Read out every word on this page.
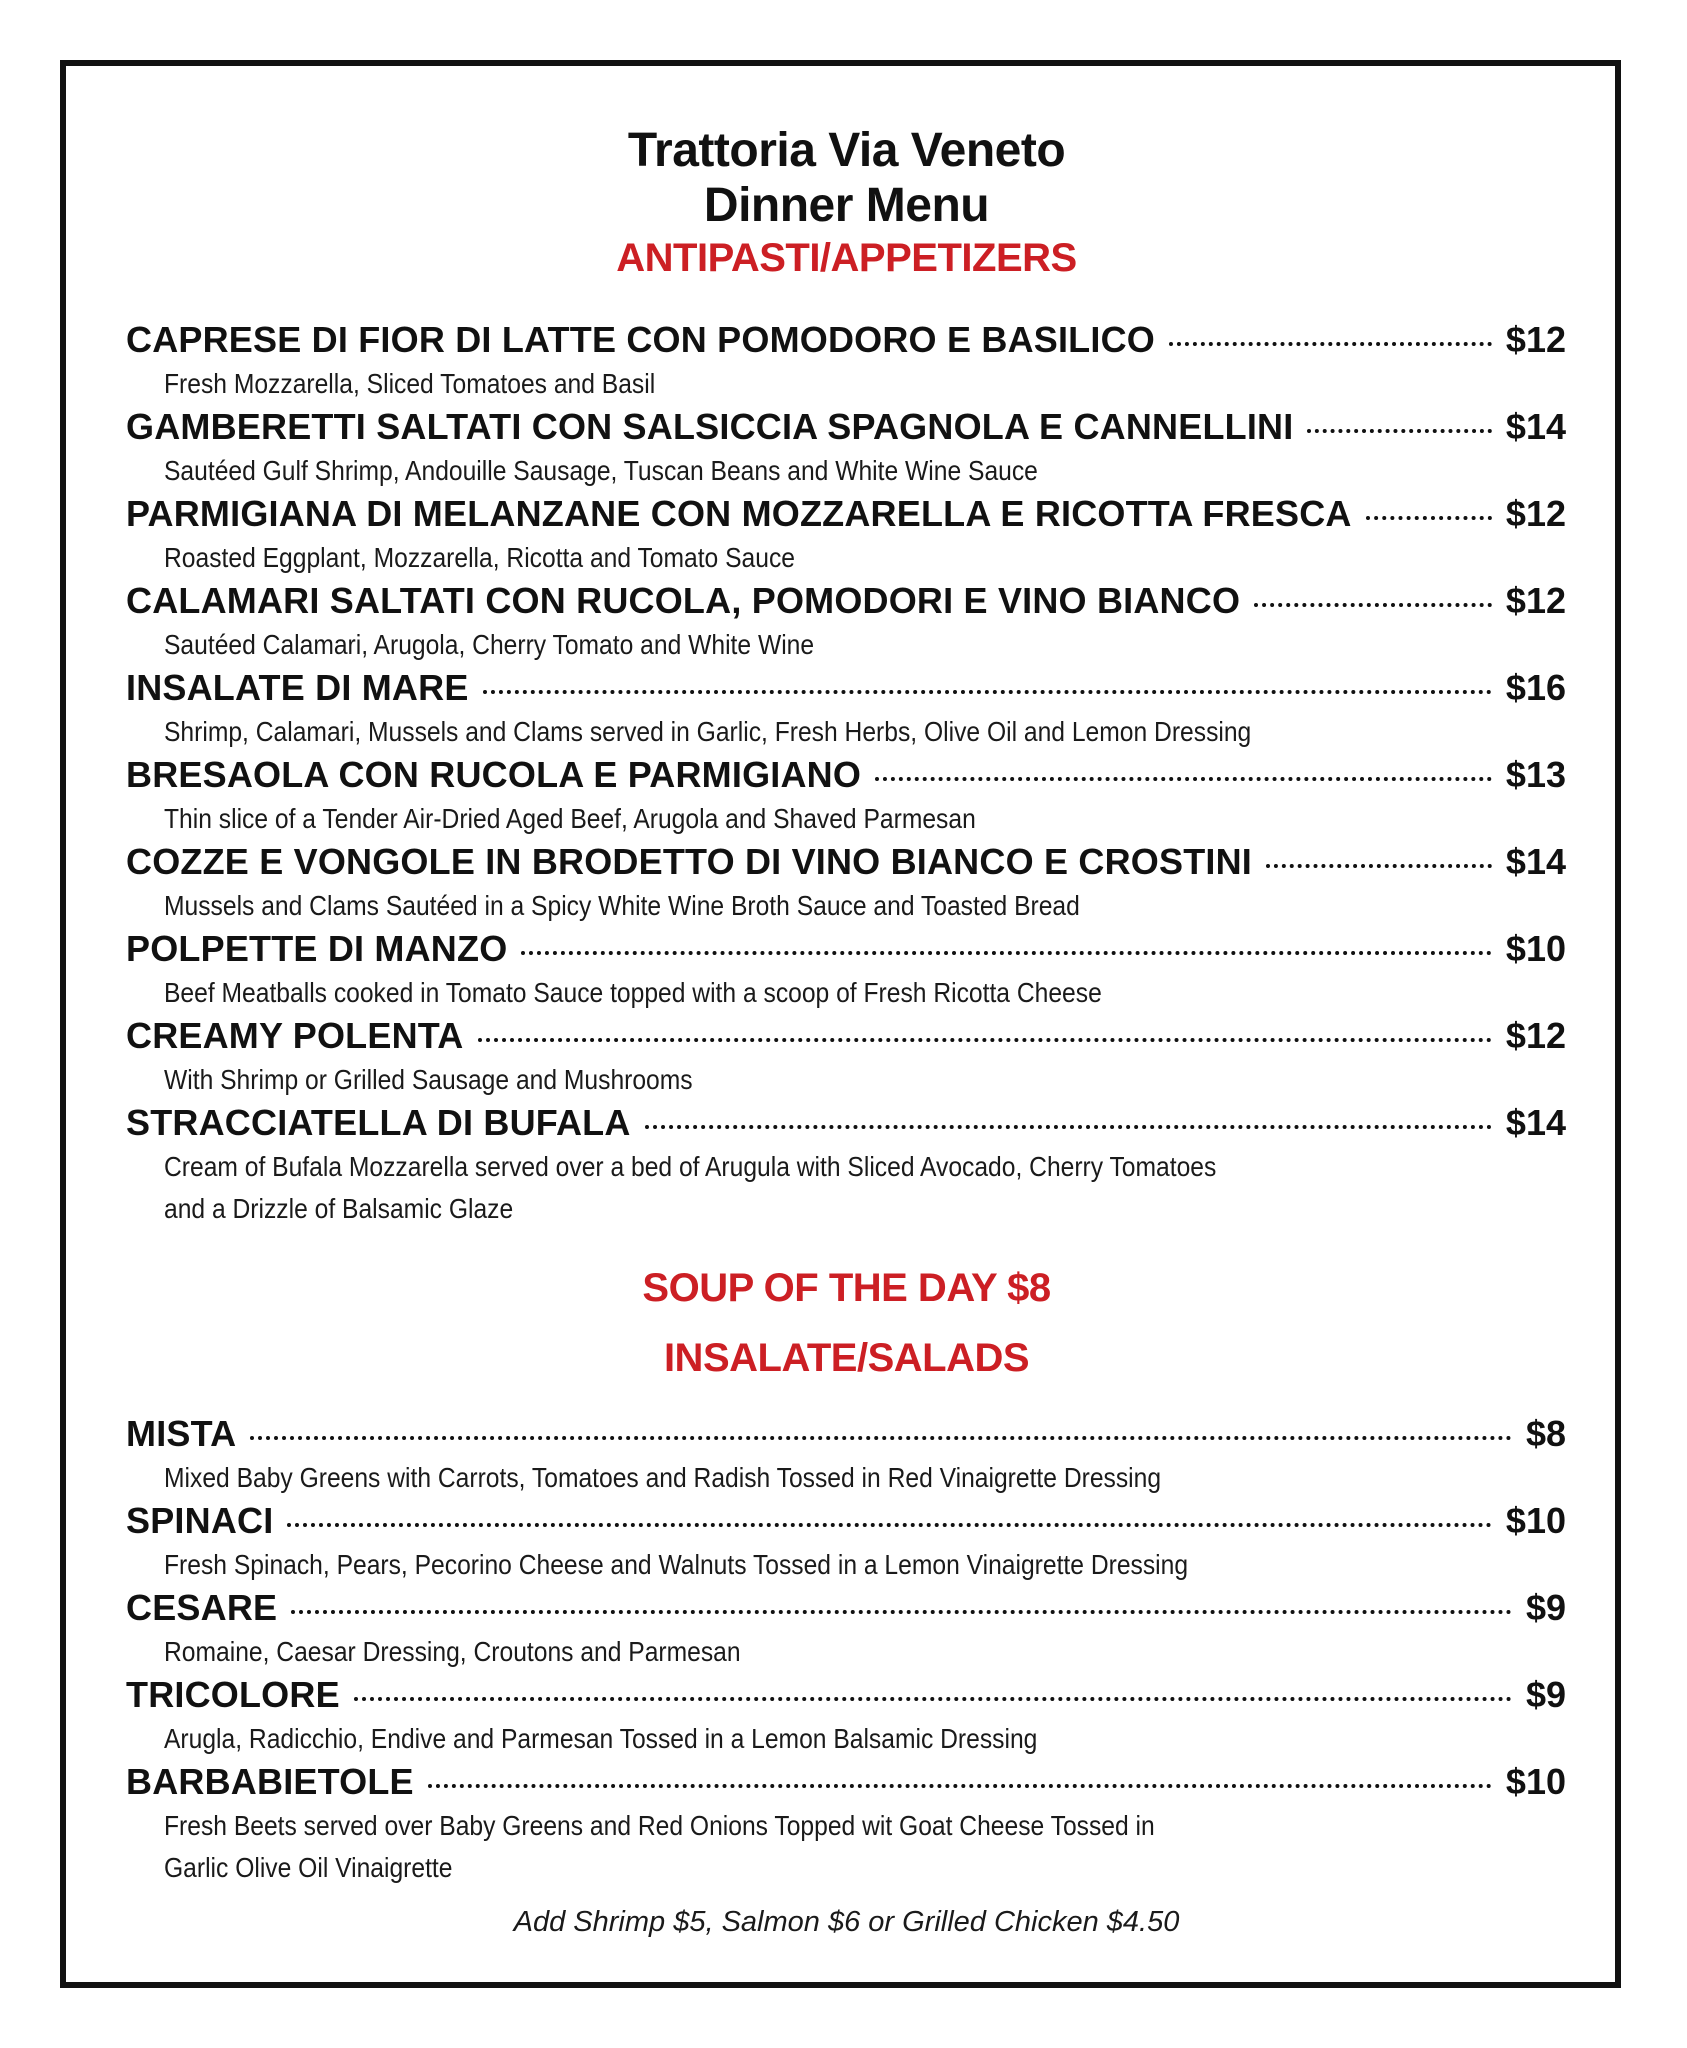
Trattoria Via Veneto
Dinner Menu
ANTIPASTI/APPETIZERS
CAPRESE DI FIOR DI LATTE CON POMODORO E BASILICO	$12
Fresh Mozzarella, Sliced Tomatoes and Basil
GAMBERETTI SALTATI CON SALSICCIA SPAGNOLA E CANNELLINI	$14
Sautéed Gulf Shrimp, Andouille Sausage, Tuscan Beans and White Wine Sauce
PARMIGIANA DI MELANZANE CON MOZZARELLA E RICOTTA FRESCA	$12
Roasted Eggplant, Mozzarella, Ricotta and Tomato Sauce
CALAMARI SALTATI CON RUCOLA, POMODORI E VINO BIANCO	$12
Sautéed Calamari, Arugola, Cherry Tomato and White Wine
INSALATE DI MARE	$16
Shrimp, Calamari, Mussels and Clams served in Garlic, Fresh Herbs, Olive Oil and Lemon Dressing
BRESAOLA CON RUCOLA E PARMIGIANO	$13
Thin slice of a Tender Air-Dried Aged Beef, Arugola and Shaved Parmesan
COZZE E VONGOLE IN BRODETTO DI VINO BIANCO E CROSTINI	$14
Mussels and Clams Sautéed in a Spicy White Wine Broth Sauce and Toasted Bread
POLPETTE DI MANZO	$10
Beef Meatballs cooked in Tomato Sauce topped with a scoop of Fresh Ricotta Cheese
CREAMY POLENTA	$12
With Shrimp or Grilled Sausage and Mushrooms
STRACCIATELLA DI BUFALA	$14
Cream of Bufala Mozzarella served over a bed of Arugula with Sliced Avocado, Cherry Tomatoes
and a Drizzle of Balsamic Glaze
SOUP OF THE DAY $8
INSALATE/SALADS
MISTA	$8
Mixed Baby Greens with Carrots, Tomatoes and Radish Tossed in Red Vinaigrette Dressing
SPINACI	$10
Fresh Spinach, Pears, Pecorino Cheese and Walnuts Tossed in a Lemon Vinaigrette Dressing
CESARE	$9
Romaine, Caesar Dressing, Croutons and Parmesan
TRICOLORE	$9
Arugla, Radicchio, Endive and Parmesan Tossed in a Lemon Balsamic Dressing
BARBABIETOLE	$10
Fresh Beets served over Baby Greens and Red Onions Topped wit Goat Cheese Tossed in
Garlic Olive Oil Vinaigrette
Add Shrimp $5, Salmon $6 or Grilled Chicken $4.50
